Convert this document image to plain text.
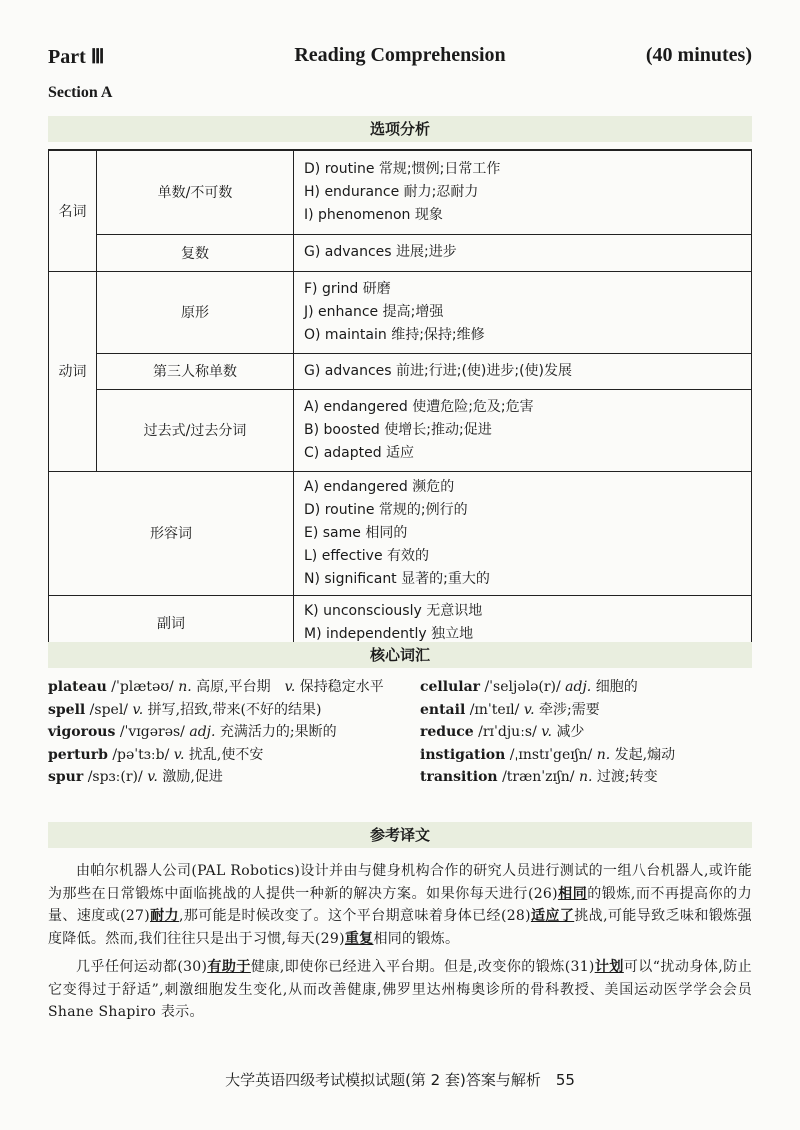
Part Ⅲ	Reading Comprehension	(40 minutes)
Section A
选项分析
名词	单数/不可数	D) routine 常规;惯例;日常工作
H) endurance 耐力;忍耐力
I) phenomenon 现象

	复数	G) advances 进展;进步

动词	原形	F) grind 研磨
J) enhance 提高;增强
O) maintain 维持;保持;维修

	第三人称单数	G) advances 前进;行进;(使)进步;(使)发展

	过去式/过去分词	A) endangered 使遭危险;危及;危害
B) boosted 使增长;推动;促进
C) adapted 适应

形容词		A) endangered 濒危的
D) routine 常规的;例行的
E) same 相同的
L) effective 有效的
N) significant 显著的;重大的

副词		K) unconsciously 无意识地
M) independently 独立地
核心词汇
plateau /ˈplætəʊ/ n. 高原,平台期　 v. 保持稳定水平
spell /spel/ v. 拼写,招致,带来(不好的结果)
vigorous /ˈvɪgərəs/ adj. 充满活力的;果断的
perturb /pəˈtɜːb/ v. 扰乱,使不安
spur /spɜː(r)/ v. 激励,促进
cellular /ˈseljələ(r)/ adj. 细胞的
entail /ɪnˈteɪl/ v. 牵涉;需要
reduce /rɪˈdjuːs/ v. 减少
instigation /ˌɪnstɪˈgeɪʃn/ n. 发起,煽动
transition /trænˈzɪʃn/ n. 过渡;转变
参考译文

由帕尔机器人公司(PAL Robotics)设计并由与健身机构合作的研究人员进行测试的一组八台机器人,或许能为那些在日常锻炼中面临挑战的人提供一种新的解决方案。如果你每天进行(26)相同的锻炼,而不再提高你的力量、速度或(27)耐力,那可能是时候改变了。这个平台期意味着身体已经(28)适应了挑战,可能导致乏味和锻炼强度降低。然而,我们往往只是出于习惯,每天(29)重复相同的锻炼。

几乎任何运动都(30)有助于健康,即使你已经进入平台期。但是,改变你的锻炼(31)计划可以“扰动身体,防止它变得过于舒适”,刺激细胞发生变化,从而改善健康,佛罗里达州梅奥诊所的骨科教授、美国运动医学学会会员 Shane Shapiro 表示。

大学英语四级考试模拟试题(第 2 套)答案与解析　55
